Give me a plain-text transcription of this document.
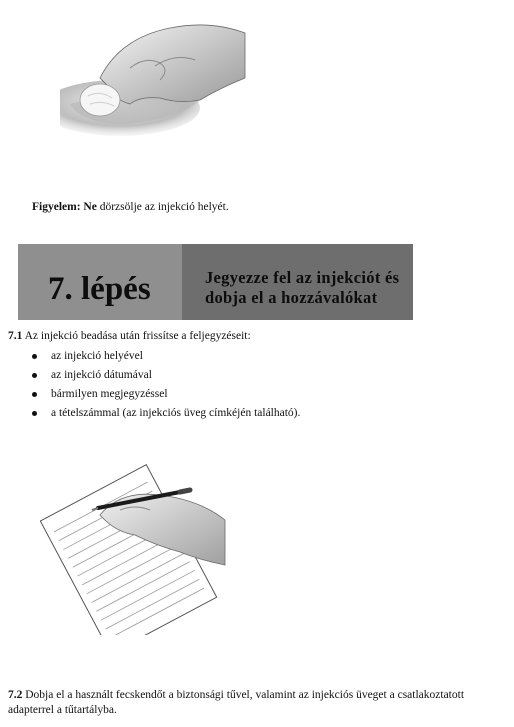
Figyelem: Ne dörzsölje az injekció helyét.
7. lépés	Jegyezze fel az injekciót és
dobja el a hozzávalókat
7.1 Az injekció beadása után frissítse a feljegyzéseit:
az injekció helyével
az injekció dátumával
bármilyen megjegyzéssel
a tételszámmal (az injekciós üveg címkéjén található).
7.2 Dobja el a használt fecskendőt a biztonsági tűvel, valamint az injekciós üveget a csatlakoztatott
adapterrel a tűtartályba.
